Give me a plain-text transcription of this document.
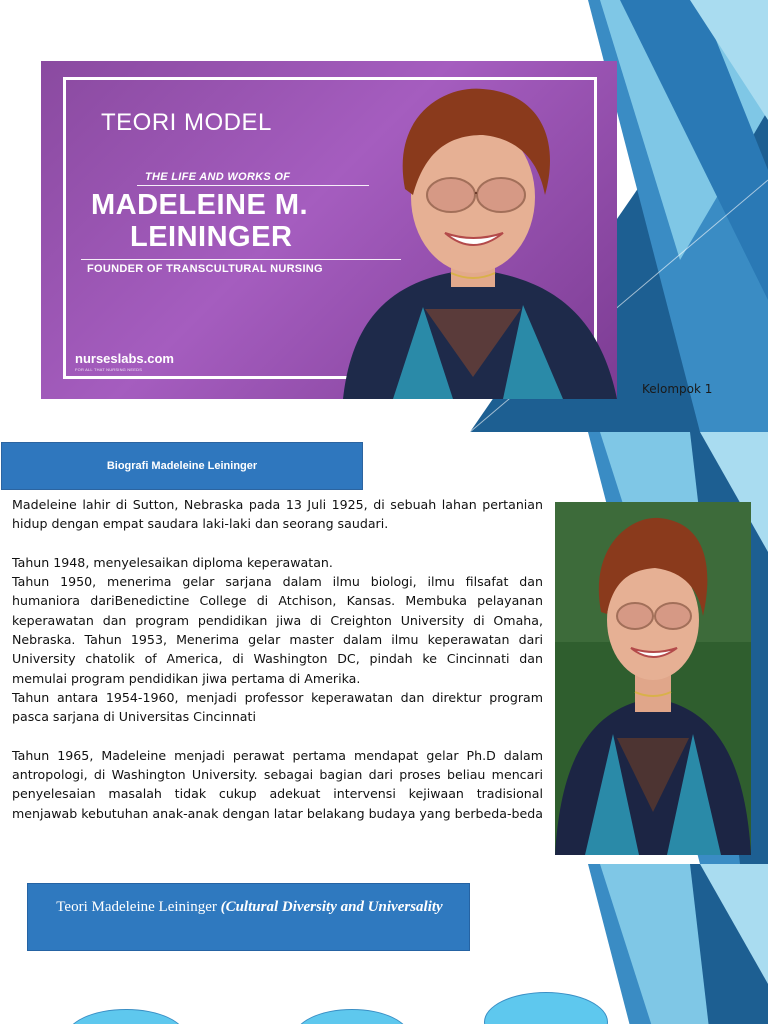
TEORI MODEL
THE LIFE AND WORKS OF
MADELEINE M.
LEININGER
FOUNDER OF TRANSCULTURAL NURSING
nurseslabs.com
FOR ALL THAT NURSING NEEDS
Kelompok 1
Biografi Madeleine Leininger

Madeleine lahir di Sutton, Nebraska pada 13 Juli 1925, di sebuah lahan pertanian hidup dengan empat saudara laki-laki dan seorang saudari.

Tahun 1948, menyelesaikan diploma keperawatan.

Tahun 1950, menerima gelar sarjana dalam ilmu biologi, ilmu filsafat dan humaniora dariBenedictine College di Atchison, Kansas. Membuka pelayanan keperawatan dan program pendidikan jiwa di Creighton University di Omaha, Nebraska. Tahun 1953, Menerima gelar master dalam ilmu keperawatan dari University chatolik of America, di Washington DC, pindah ke Cincinnati dan memulai program pendidikan jiwa pertama di Amerika.

Tahun antara 1954-1960, menjadi professor keperawatan dan direktur program pasca sarjana di Universitas Cincinnati

Tahun 1965, Madeleine menjadi perawat pertama mendapat gelar Ph.D dalam antropologi, di Washington University. sebagai bagian dari proses beliau mencari penyelesaian masalah tidak cukup adekuat intervensi kejiwaan tradisional menjawab kebutuhan anak-anak dengan latar belakang budaya yang berbeda-beda

Teori Madeleine Leininger (Cultural Diversity and Universality
